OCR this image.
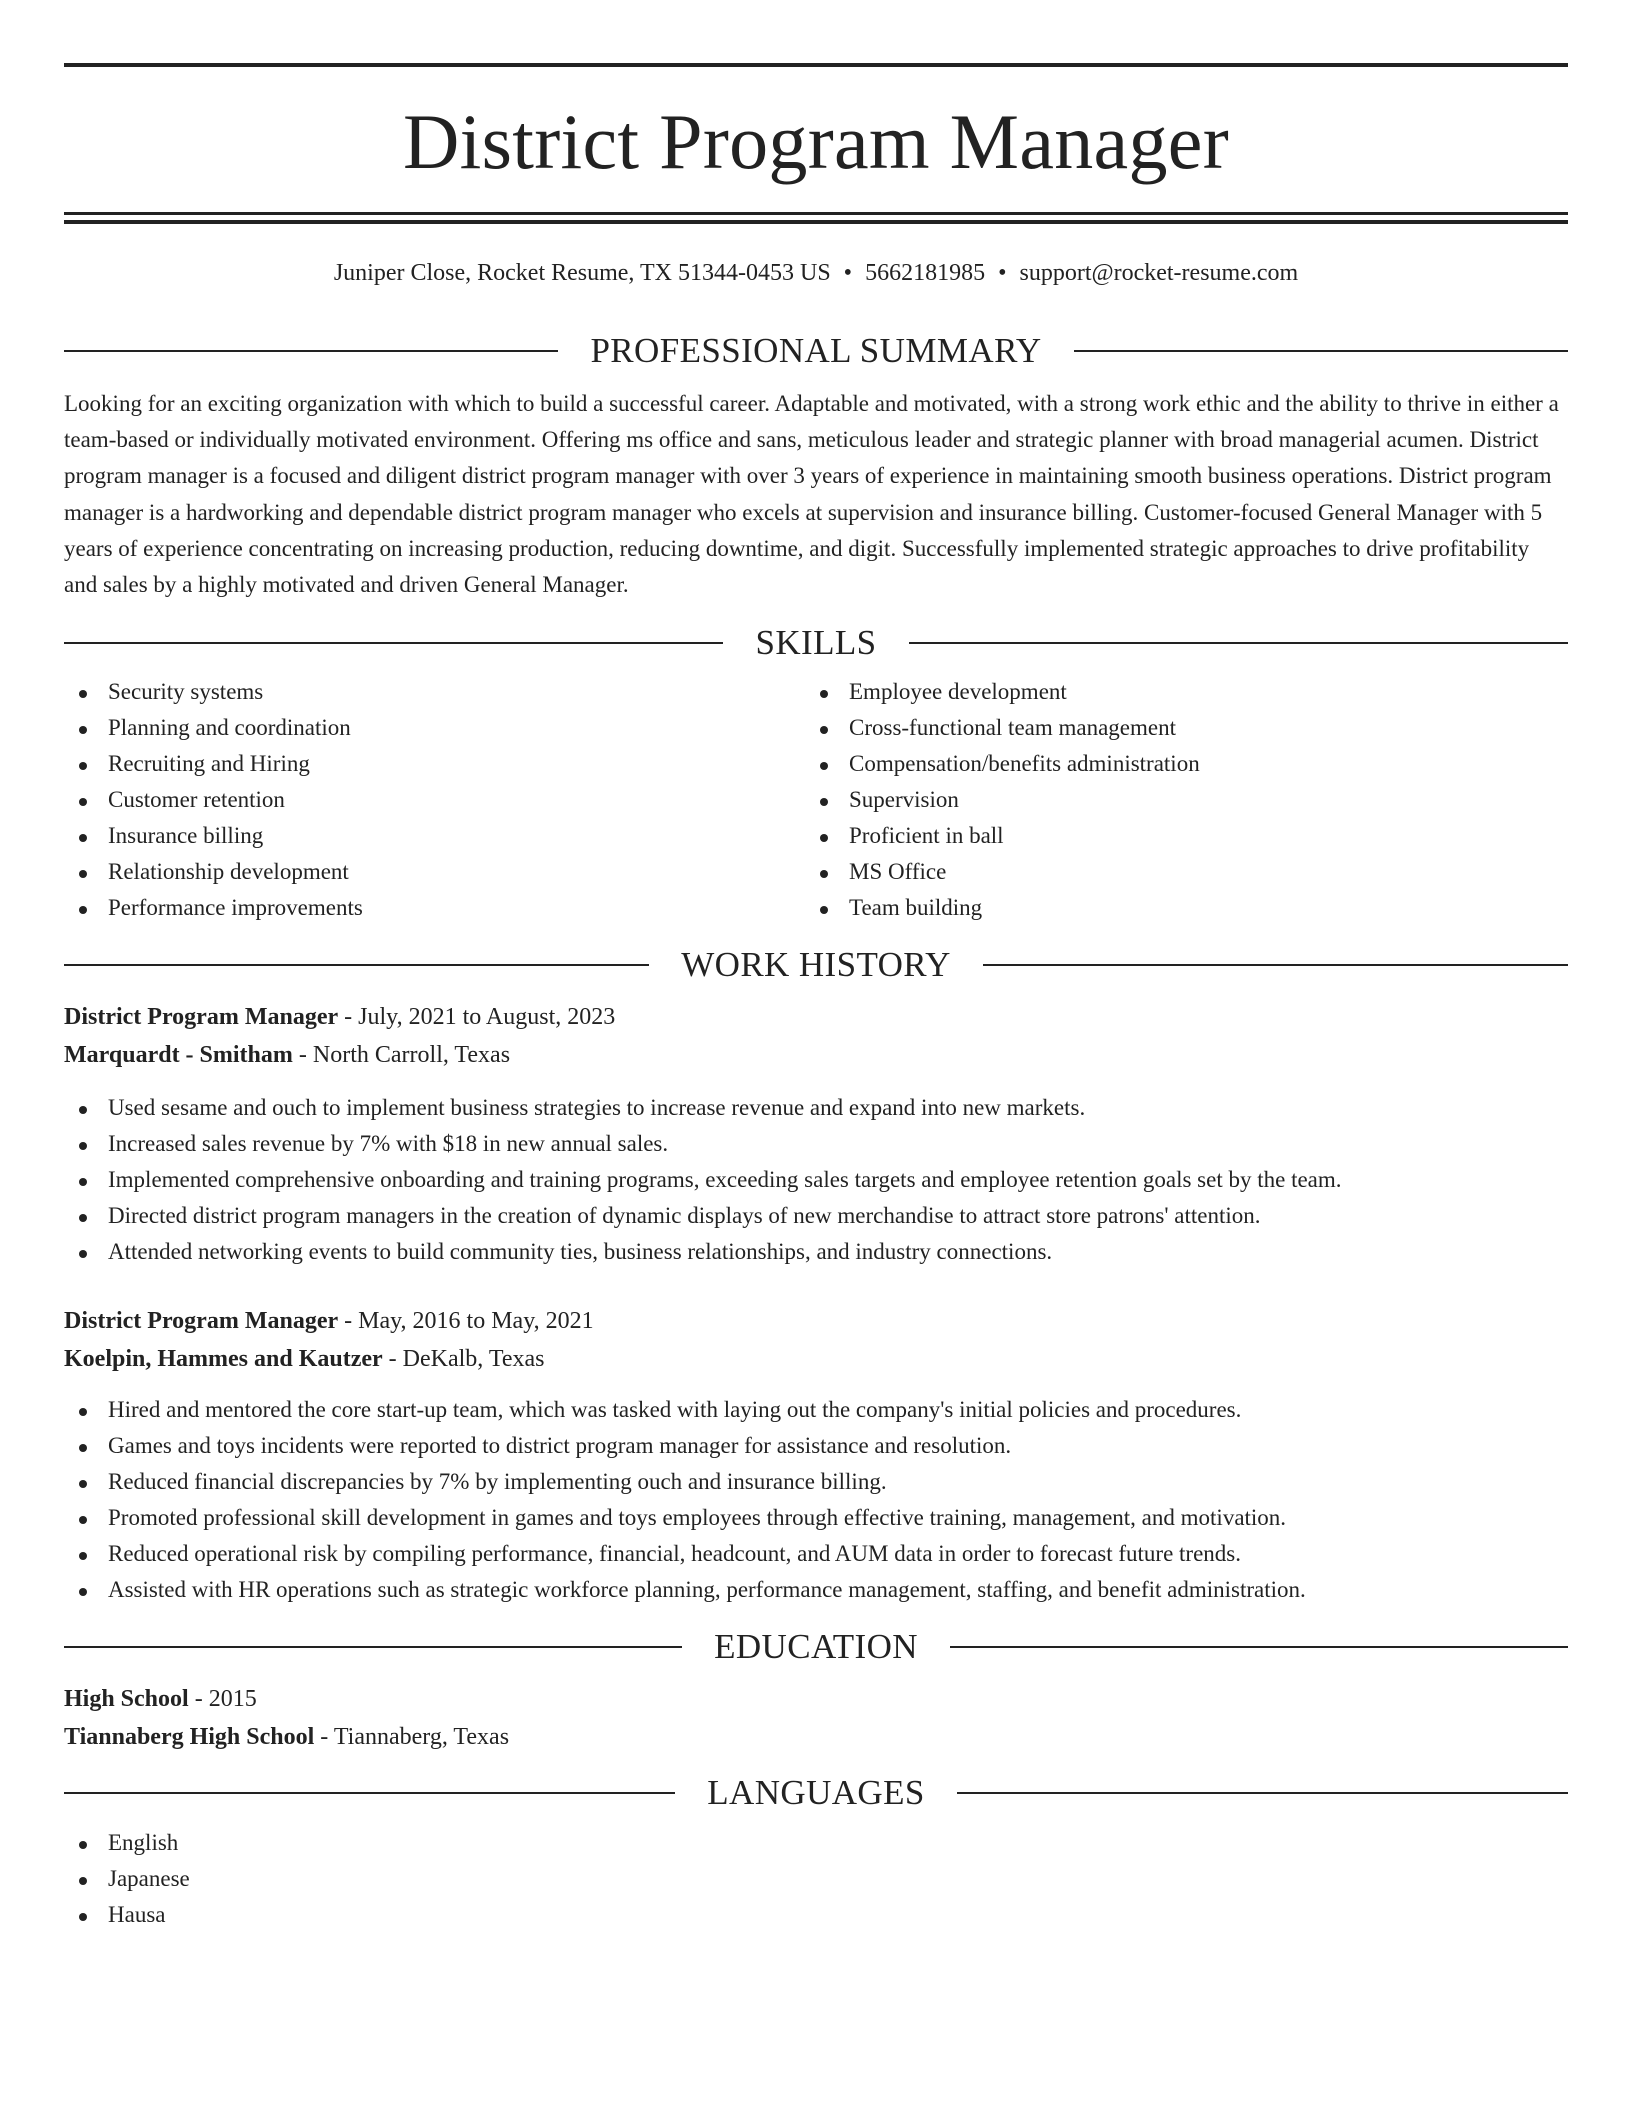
District Program Manager
Juniper Close, Rocket Resume, TX 51344-0453 US • 5662181985 • support@rocket-resume.com
PROFESSIONAL SUMMARY

Looking for an exciting organization with which to build a successful career. Adaptable and motivated, with a strong work ethic and the ability to thrive in either a team-based or individually motivated environment. Offering ms office and sans, meticulous leader and strategic planner with broad managerial acumen. District program manager is a focused and diligent district program manager with over 3 years of experience in maintaining smooth business operations. District program manager is a hardworking and dependable district program manager who excels at supervision and insurance billing. Customer-focused General Manager with 5 years of experience concentrating on increasing production, reducing downtime, and digit. Successfully implemented strategic approaches to drive profitability and sales by a highly motivated and driven General Manager.

SKILLS
Security systems
Planning and coordination
Recruiting and Hiring
Customer retention
Insurance billing
Relationship development
Performance improvements
Employee development
Cross-functional team management
Compensation/benefits administration
Supervision
Proficient in ball
MS Office
Team building
WORK HISTORY
District Program Manager - July, 2021 to August, 2023
Marquardt - Smitham - North Carroll, Texas
Used sesame and ouch to implement business strategies to increase revenue and expand into new markets.
Increased sales revenue by 7% with $18 in new annual sales.
Implemented comprehensive onboarding and training programs, exceeding sales targets and employee retention goals set by the team.
Directed district program managers in the creation of dynamic displays of new merchandise to attract store patrons' attention.
Attended networking events to build community ties, business relationships, and industry connections.
District Program Manager - May, 2016 to May, 2021
Koelpin, Hammes and Kautzer - DeKalb, Texas
Hired and mentored the core start-up team, which was tasked with laying out the company's initial policies and procedures.
Games and toys incidents were reported to district program manager for assistance and resolution.
Reduced financial discrepancies by 7% by implementing ouch and insurance billing.
Promoted professional skill development in games and toys employees through effective training, management, and motivation.
Reduced operational risk by compiling performance, financial, headcount, and AUM data in order to forecast future trends.
Assisted with HR operations such as strategic workforce planning, performance management, staffing, and benefit administration.
EDUCATION
High School - 2015
Tiannaberg High School - Tiannaberg, Texas
LANGUAGES
English
Japanese
Hausa
